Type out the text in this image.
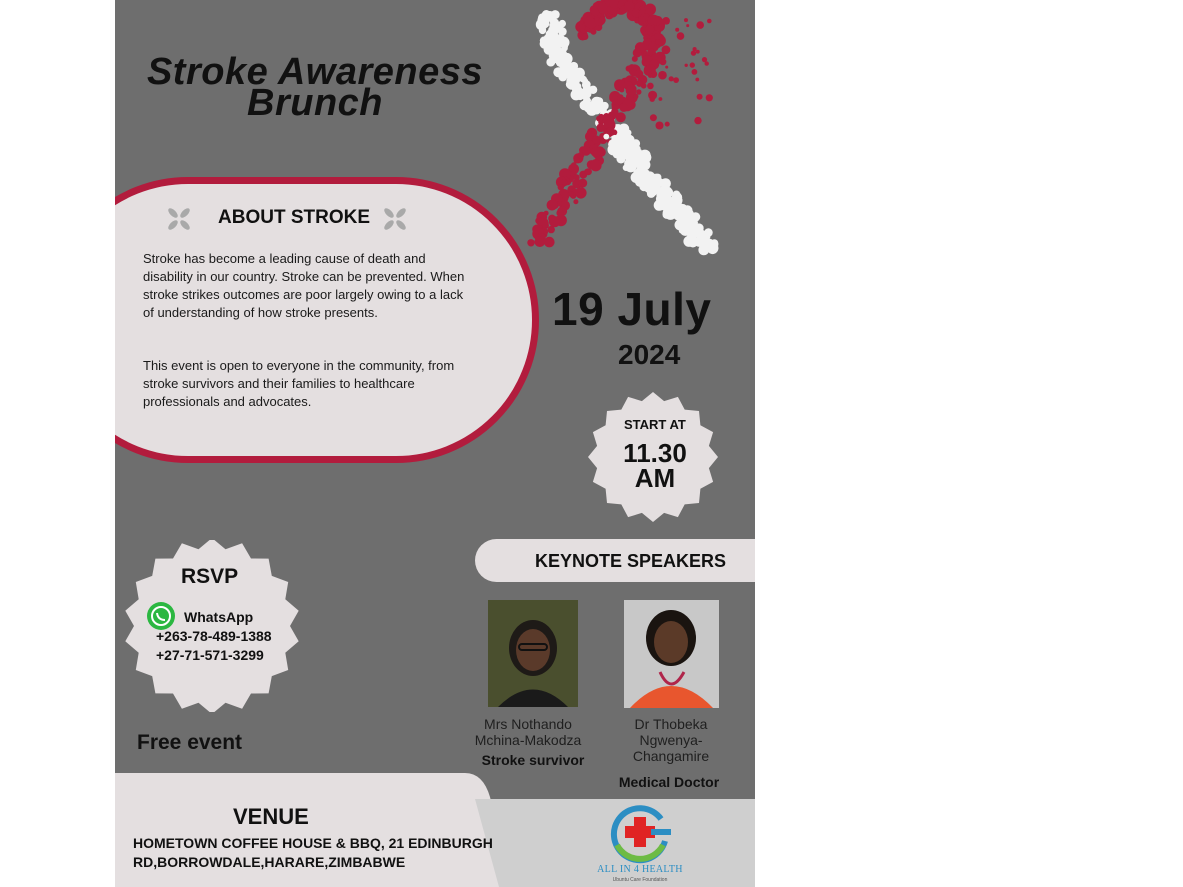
Stroke Awareness
Brunch
ABOUT STROKE
Stroke has become a leading cause of death and disability in our country. Stroke can be prevented. When stroke strikes outcomes are poor largely owing to a lack of understanding of how stroke presents.
This event is open to everyone in the community, from stroke survivors and their families to healthcare professionals and advocates.
19 July
2024
START AT
11.30
AM
KEYNOTE SPEAKERS
Mrs Nothando Mchina-Makodza
Stroke survivor
Dr Thobeka Ngwenya-Changamire
Medical Doctor
RSVP
WhatsApp
+263-78-489-1388
+27-71-571-3299
Free event
VENUE
HOMETOWN COFFEE HOUSE & BBQ, 21 EDINBURGH RD,BORROWDALE,HARARE,ZIMBABWE	ALL IN 4 HEALTH
Ubuntu Care Foundation
